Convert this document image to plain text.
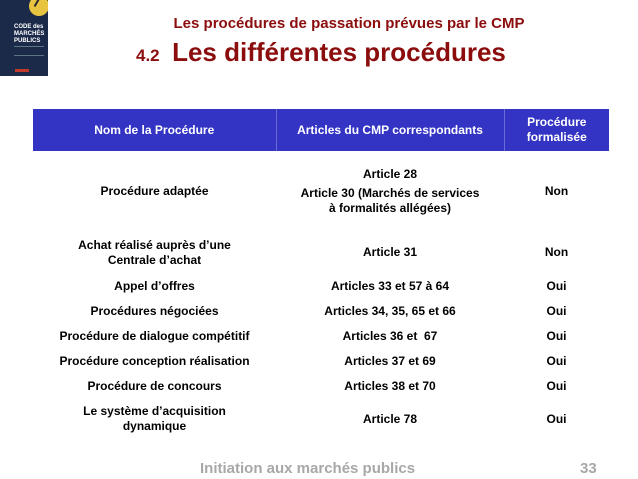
CODE des
MARCHÉS
PUBLICS
Les procédures de passation prévues par le CMP
4.2 Les différentes procédures
Nom de la Procédure	Articles du CMP correspondants	Procédure
formalisée

Procédure adaptée	Article 28
Article 30 (Marchés de services
à formalités allégées)	Non

Achat réalisé auprès d’une
Centrale d’achat	Article 31	Non
Appel d’offres	Articles 33 et 57 à 64	Oui
Procédures négociées	Articles 34, 35, 65 et 66	Oui
Procédure de dialogue compétitif	Articles 36 et  67	Oui
Procédure conception réalisation	Articles 37 et 69	Oui
Procédure de concours	Articles 38 et 70	Oui

Le système d’acquisition
dynamique	Article 78	Oui
Initiation aux marchés publics	33
